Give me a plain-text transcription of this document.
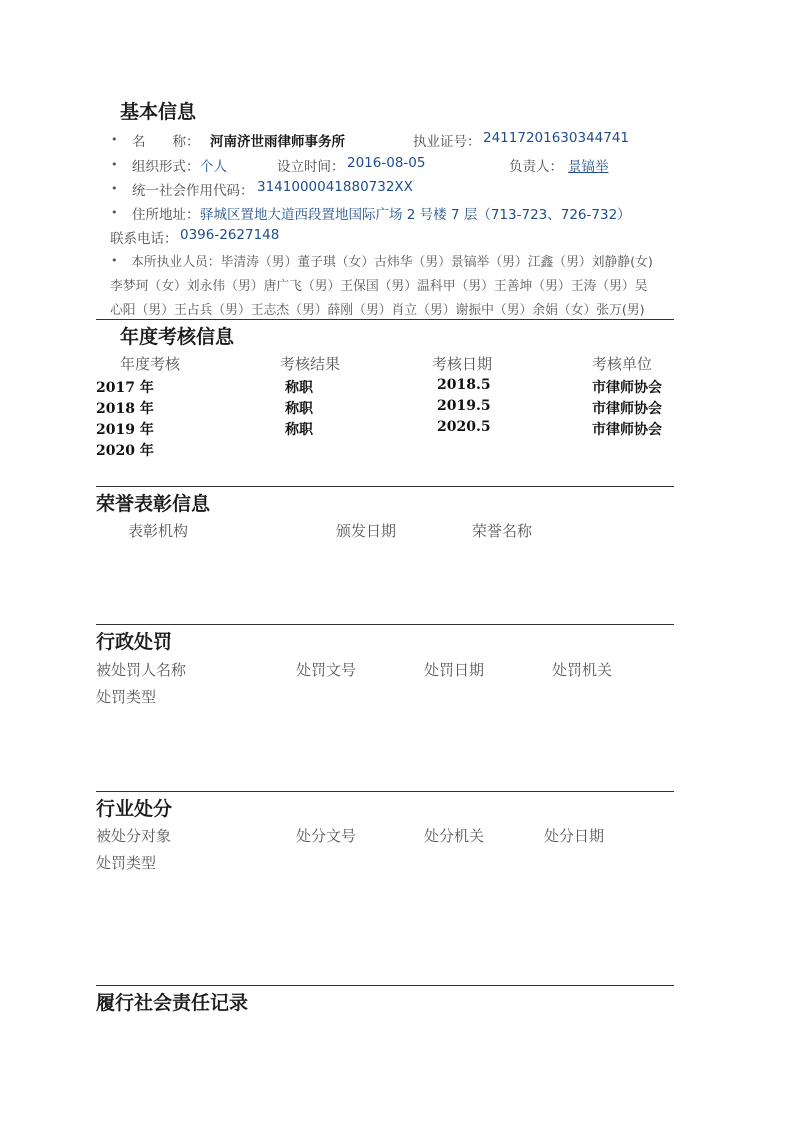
基本信息
• 名　　称： 河南济世雨律师事务所	执业证号： 24117201630344741
• 组织形式： 个人	设立时间： 2016-08-05	负责人： 景镐举
• 统一社会作用代码： 3141000041880732XX
• 住所地址： 驿城区置地大道西段置地国际广场 2 号楼 7 层（713-723、726-732）
联系电话： 0396-2627148
• 本所执业人员：毕清涛（男）董子琪（女）古炜华（男）景镐举（男）江鑫（男）刘静静(女)
李梦珂（女）刘永伟（男）唐广飞（男）王保国（男）温科甲（男）王善坤（男）王涛（男）吴
心阳（男）王占兵（男）王志杰（男）薛刚（男）肖立（男）谢振中（男）余娟（女）张万(男)
年度考核信息
年度考核	考核结果	考核日期	考核单位
2017 年	称职	2018.5	市律师协会
2018 年	称职	2019.5	市律师协会
2019 年	称职	2020.5	市律师协会
2020 年
荣誉表彰信息
表彰机构	颁发日期	荣誉名称
行政处罚
被处罚人名称	处罚文号	处罚日期	处罚机关
处罚类型
行业处分
被处分对象	处分文号	处分机关	处分日期
处罚类型
履行社会责任记录
